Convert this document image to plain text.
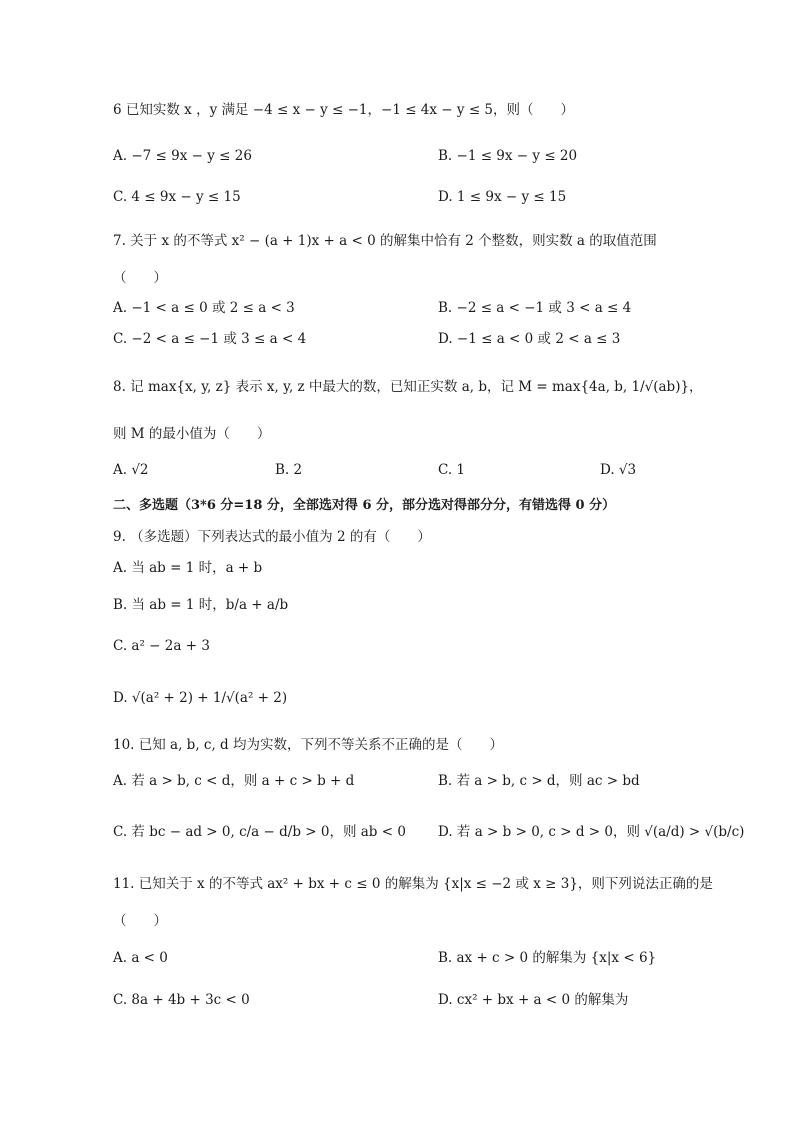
6 已知实数 x ，y 满足 −4 ≤ x − y ≤ −1，−1 ≤ 4x − y ≤ 5，则（　　）
A. −7 ≤ 9x − y ≤ 26	B. −1 ≤ 9x − y ≤ 20
C. 4 ≤ 9x − y ≤ 15	D. 1 ≤ 9x − y ≤ 15
7. 关于 x 的不等式 x² − (a + 1)x + a < 0 的解集中恰有 2 个整数，则实数 a 的取值范围
（　　）
A. −1 < a ≤ 0 或 2 ≤ a < 3	B. −2 ≤ a < −1 或 3 < a ≤ 4
C. −2 < a ≤ −1 或 3 ≤ a < 4	D. −1 ≤ a < 0 或 2 < a ≤ 3
8. 记 max{x, y, z} 表示 x, y, z 中最大的数，已知正实数 a, b，记 M = max{4a, b, 1/√(ab)}，
则 M 的最小值为（　　）
A. √2	B. 2	C. 1	D. √3
二、多选题（3*6 分=18 分，全部选对得 6 分，部分选对得部分分，有错选得 0 分）
9. （多选题）下列表达式的最小值为 2 的有（　　）
A. 当 ab = 1 时，a + b
B. 当 ab = 1 时，b/a + a/b
C. a² − 2a + 3
D. √(a² + 2) + 1/√(a² + 2)
10. 已知 a, b, c, d 均为实数，下列不等关系不正确的是（　　）
A. 若 a > b, c < d，则 a + c > b + d	B. 若 a > b, c > d，则 ac > bd
C. 若 bc − ad > 0, c/a − d/b > 0，则 ab < 0 D. 若 a > b > 0, c > d > 0，则 √(a/d) > √(b/c)
11. 已知关于 x 的不等式 ax² + bx + c ≤ 0 的解集为 {x|x ≤ −2 或 x ≥ 3}，则下列说法正确的是
（　　）
A. a < 0	B. ax + c > 0 的解集为 {x|x < 6}
C. 8a + 4b + 3c < 0	D. cx² + bx + a < 0 的解集为
